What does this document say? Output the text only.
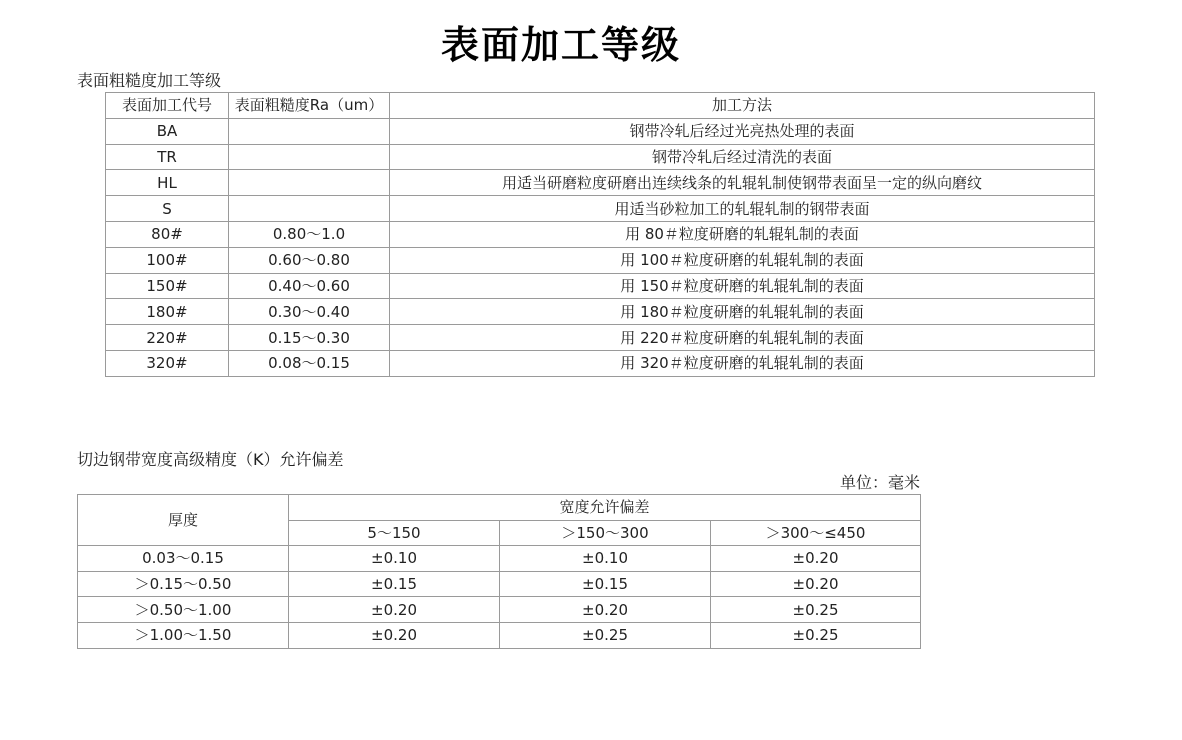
表面加工等级
表面粗糙度加工等级
表面加工代号	表面粗糙度Ra（um）	加工方法
BA		钢带冷轧后经过光亮热处理的表面
TR		钢带冷轧后经过清洗的表面
HL		用适当研磨粒度研磨出连续线条的轧辊轧制使钢带表面呈一定的纵向磨纹
S		用适当砂粒加工的轧辊轧制的钢带表面
80#	0.80～1.0	用 80＃粒度研磨的轧辊轧制的表面
100#	0.60～0.80	用 100＃粒度研磨的轧辊轧制的表面
150#	0.40～0.60	用 150＃粒度研磨的轧辊轧制的表面
180#	0.30～0.40	用 180＃粒度研磨的轧辊轧制的表面
220#	0.15～0.30	用 220＃粒度研磨的轧辊轧制的表面
320#	0.08～0.15	用 320＃粒度研磨的轧辊轧制的表面
切边钢带宽度高级精度（K）允许偏差
单位：毫米
厚度	宽度允许偏差		
	5～150	＞150～300	＞300～≤450
0.03～0.15	±0.10	±0.10	±0.20
＞0.15～0.50	±0.15	±0.15	±0.20
＞0.50～1.00	±0.20	±0.20	±0.25
＞1.00～1.50	±0.20	±0.25	±0.25
